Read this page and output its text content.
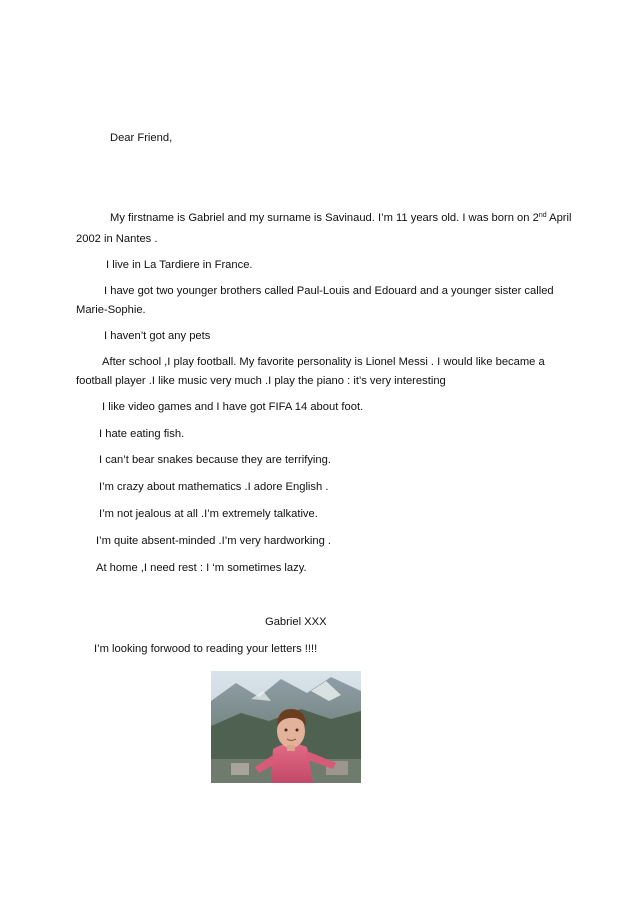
Dear Friend,
My firstname is Gabriel and my surname is Savinaud. I’m 11 years old. I was born on 2nd April
2002 in Nantes .
I live in La Tardiere in France.
I have got two younger brothers called Paul-Louis and Edouard and a younger sister called
Marie-Sophie.
I haven’t got any pets
After school ,I play football. My favorite personality is Lionel Messi . I would like became a
football player .I like music very much .I play the piano : it’s very interesting
I like video games and I have got FIFA 14 about foot.
I hate eating fish.
I can’t bear snakes because they are terrifying.
I’m crazy about mathematics .I adore English .
I’m not jealous at all .I’m extremely talkative.
I’m quite absent-minded .I’m very hardworking .
At home ,I need rest : I ‘m sometimes lazy.
Gabriel XXX
I’m looking forwood to reading your letters !!!!
